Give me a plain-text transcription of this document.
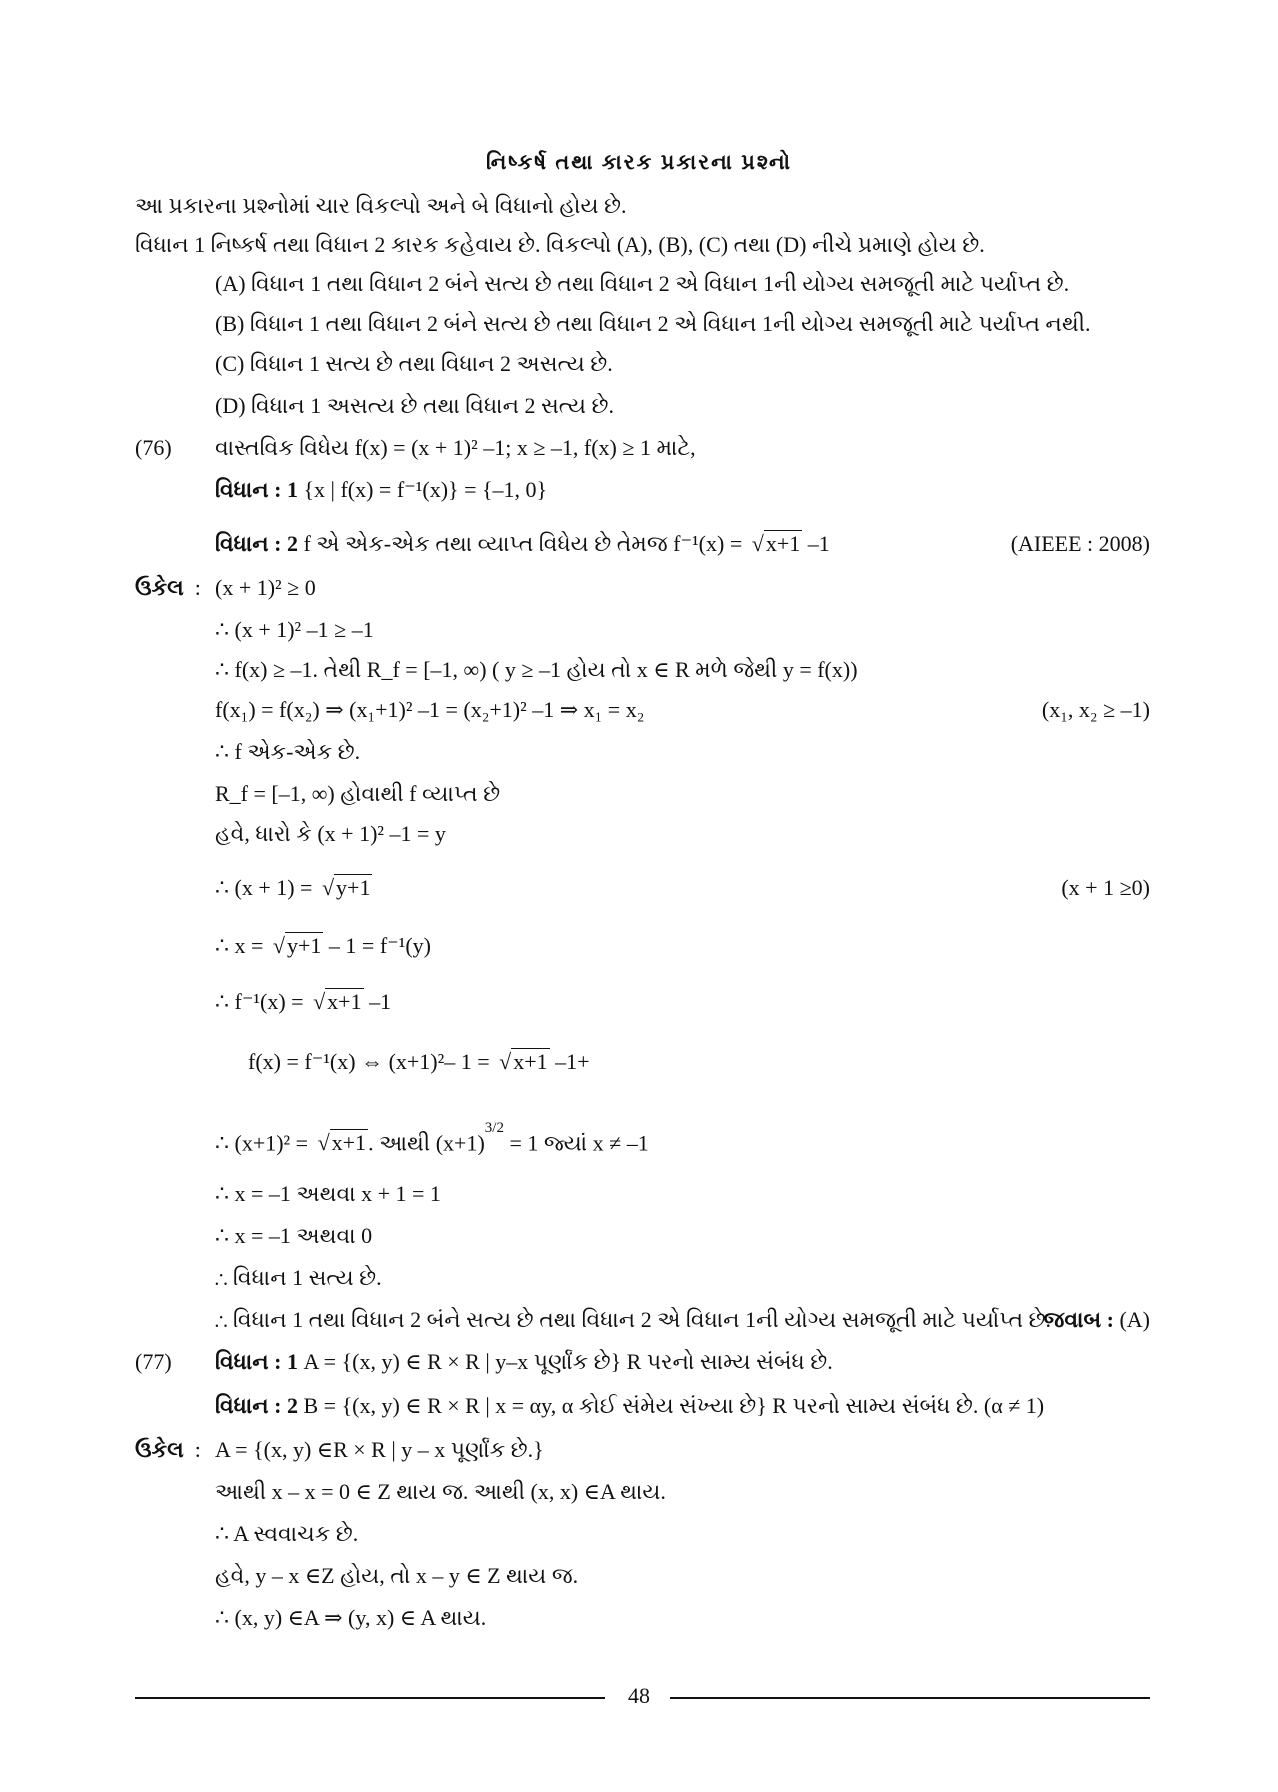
નિષ્કર્ષ તથા કારક પ્રકારના પ્રશ્નો
આ પ્રકારના પ્રશ્નોમાં ચાર વિકલ્પો અને બે વિધાનો હોય છે.
વિધાન 1 નિષ્કર્ષ તથા વિધાન 2 કારક કહેવાય છે. વિકલ્પો (A), (B), (C) તથા (D) નીચે પ્રમાણે હોય છે.
(A) વિધાન 1 તથા વિધાન 2 બંને સત્ય છે તથા વિધાન 2 એ વિધાન 1ની યોગ્ય સમજૂતી માટે પર્યાપ્ત છે.
(B) વિધાન 1 તથા વિધાન 2 બંને સત્ય છે તથા વિધાન 2 એ વિધાન 1ની યોગ્ય સમજૂતી માટે પર્યાપ્ત નથી.
(C) વિધાન 1 સત્ય છે તથા વિધાન 2 અસત્ય છે.
(D) વિધાન 1 અસત્ય છે તથા વિધાન 2 સત્ય છે.
(76) વાસ્તવિક વિધેય f(x) = (x + 1)² –1; x ≥ –1, f(x) ≥ 1 માટે,
વિધાન : 1 {x | f(x) = f⁻¹(x)} = {–1, 0}
વિધાન : 2 f એ એક-એક તથા વ્યાપ્ત વિધેય છે તેમજ f⁻¹(x) = √x+1 –1	(AIEEE : 2008)
ઉકેલ : (x + 1)² ≥ 0
∴ (x + 1)² –1 ≥ –1
∴ f(x) ≥ –1. તેથી R_f = [–1, ∞) ( y ≥ –1 હોય તો x ∈ R મળે જેથી y = f(x))
f(x₁) = f(x₂) ⇒ (x₁+1)² –1 = (x₂+1)² –1 ⇒ x₁ = x₂	(x₁, x₂ ≥ –1)
∴ f એક-એક છે.
R_f = [–1, ∞) હોવાથી f વ્યાપ્ત છે
હવે, ધારો કે (x + 1)² –1 = y
∴ (x + 1) = √y+1	(x + 1 ≥0)
∴ x = √y+1 – 1 = f⁻¹(y)
∴ f⁻¹(x) = √x+1 –1
f(x) = f⁻¹(x) ⇔ (x+1)²– 1 = √x+1 –1+
∴ (x+1)² = √x+1. આથી $(x+1)^{3/2} = 1$ જ્યાં x ≠ –1
∴ x = –1 અથવા x + 1 = 1
∴ x = –1 અથવા 0
∴ વિધાન 1 સત્ય છે.
∴ વિધાન 1 તથા વિધાન 2 બંને સત્ય છે તથા વિધાન 2 એ વિધાન 1ની યોગ્ય સમજૂતી માટે પર્યાપ્ત છે.
જવાબ : (A)
(77) વિધાન : 1 A = {(x, y) ∈ R × R | y–x પૂર્ણાંક છે} R પરનો સામ્ય સંબંધ છે.
વિધાન : 2 B = {(x, y) ∈ R × R | x = αy, α કોઈ સંમેય સંખ્યા છે} R પરનો સામ્ય સંબંધ છે. (α ≠ 1)
ઉકેલ : A = {(x, y) ∈R × R | y – x પૂર્ણાંક છે.}
આથી x – x = 0 ∈ Z થાય જ. આથી (x, x) ∈A થાય.
∴ A સ્વવાચક છે.
હવે, y – x ∈Z હોય, તો x – y ∈ Z થાય જ.
∴ (x, y) ∈A ⇒ (y, x) ∈ A થાય.
48
